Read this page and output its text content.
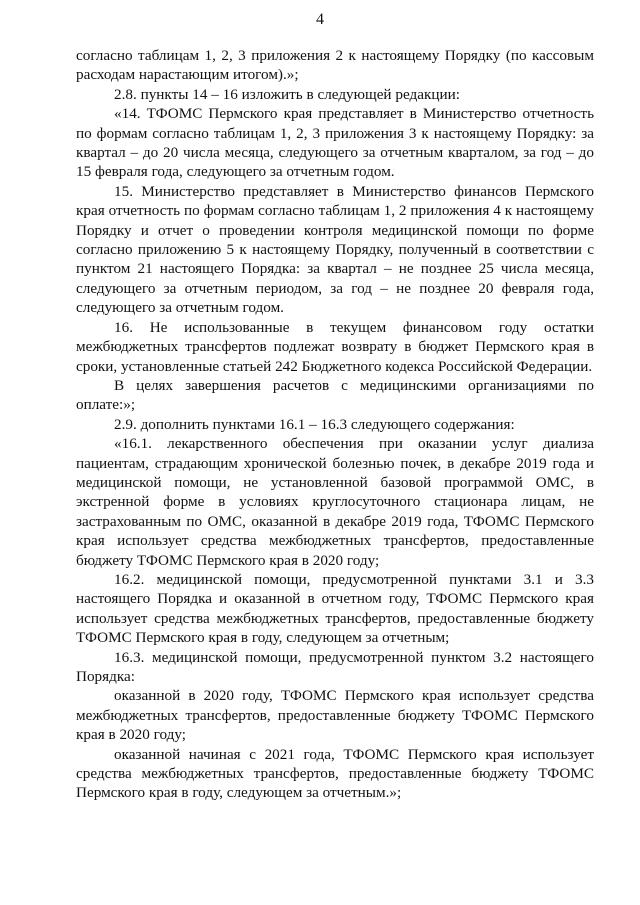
4

согласно таблицам 1, 2, 3 приложения 2 к настоящему Порядку (по кассовым расходам нарастающим итогом).»;

2.8. пункты 14 – 16 изложить в следующей редакции:

«14. ТФОМС Пермского края представляет в Министерство отчетность по формам согласно таблицам 1, 2, 3 приложения 3 к настоящему Порядку: за квартал – до 20 числа месяца, следующего за отчетным кварталом, за год – до 15 февраля года, следующего за отчетным годом.

15. Министерство представляет в Министерство финансов Пермского края отчетность по формам согласно таблицам 1, 2 приложения 4 к настоящему Порядку и отчет о проведении контроля медицинской помощи по форме согласно приложению 5 к настоящему Порядку, полученный в соответствии с пунктом 21 настоящего Порядка: за квартал – не позднее 25 числа месяца, следующего за отчетным периодом, за год – не позднее 20 февраля года, следующего за отчетным годом.

16. Не использованные в текущем финансовом году остатки межбюджетных трансфертов подлежат возврату в бюджет Пермского края в сроки, установленные статьей 242 Бюджетного кодекса Российской Федерации.

В целях завершения расчетов с медицинскими организациями по оплате:»;

2.9. дополнить пунктами 16.1 – 16.3 следующего содержания:

«16.1. лекарственного обеспечения при оказании услуг диализа пациентам, страдающим хронической болезнью почек, в декабре 2019 года и медицинской помощи, не установленной базовой программой ОМС, в экстренной форме в условиях круглосуточного стационара лицам, не застрахованным по ОМС, оказанной в декабре 2019 года, ТФОМС Пермского края использует средства межбюджетных трансфертов, предоставленные бюджету ТФОМС Пермского края в 2020 году;

16.2. медицинской помощи, предусмотренной пунктами 3.1 и 3.3 настоящего Порядка и оказанной в отчетном году, ТФОМС Пермского края использует средства межбюджетных трансфертов, предоставленные бюджету ТФОМС Пермского края в году, следующем за отчетным;

16.3. медицинской помощи, предусмотренной пунктом 3.2 настоящего Порядка:

оказанной в 2020 году, ТФОМС Пермского края использует средства межбюджетных трансфертов, предоставленные бюджету ТФОМС Пермского края в 2020 году;

оказанной начиная с 2021 года, ТФОМС Пермского края использует средства межбюджетных трансфертов, предоставленные бюджету ТФОМС Пермского края в году, следующем за отчетным.»;
